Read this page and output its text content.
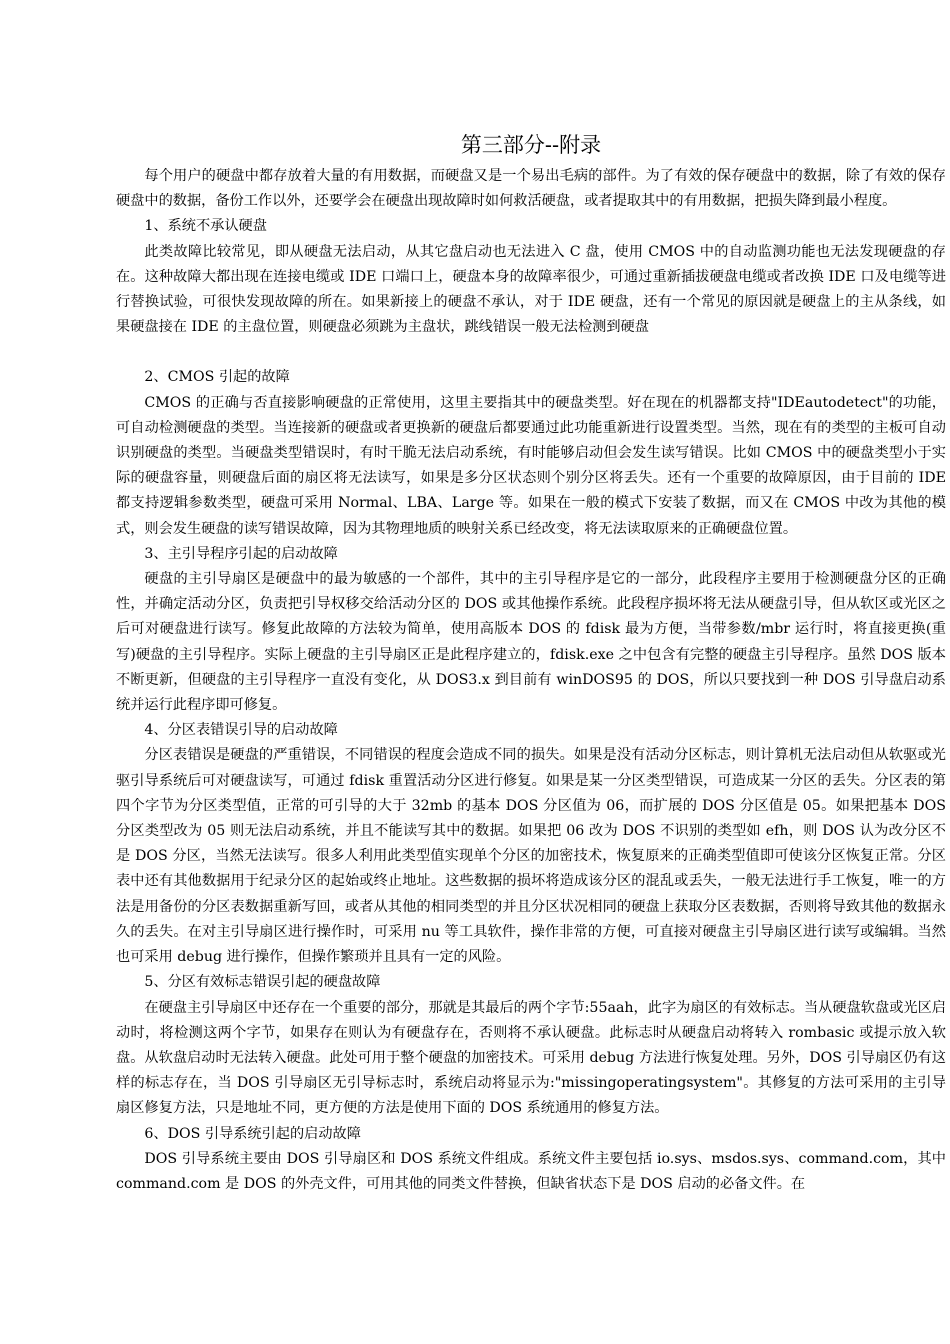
第三部分--附录

每个用户的硬盘中都存放着大量的有用数据，而硬盘又是一个易出毛病的部件。为了有效的保存硬盘中的数据，除了有效的保存硬盘中的数据，备份工作以外，还要学会在硬盘出现故障时如何救活硬盘，或者提取其中的有用数据，把损失降到最小程度。

1、系统不承认硬盘

此类故障比较常见，即从硬盘无法启动，从其它盘启动也无法进入 C 盘，使用 CMOS 中的自动监测功能也无法发现硬盘的存在。这种故障大都出现在连接电缆或 IDE 口端口上，硬盘本身的故障率很少，可通过重新插拔硬盘电缆或者改换 IDE 口及电缆等进行替换试验，可很快发现故障的所在。如果新接上的硬盘不承认，对于 IDE 硬盘，还有一个常见的原因就是硬盘上的主从条线，如果硬盘接在 IDE 的主盘位置，则硬盘必须跳为主盘状，跳线错误一般无法检测到硬盘

2、CMOS 引起的故障

CMOS 的正确与否直接影响硬盘的正常使用，这里主要指其中的硬盘类型。好在现在的机器都支持"IDEautodetect"的功能，可自动检测硬盘的类型。当连接新的硬盘或者更换新的硬盘后都要通过此功能重新进行设置类型。当然，现在有的类型的主板可自动识别硬盘的类型。当硬盘类型错误时，有时干脆无法启动系统，有时能够启动但会发生读写错误。比如 CMOS 中的硬盘类型小于实际的硬盘容量，则硬盘后面的扇区将无法读写，如果是多分区状态则个别分区将丢失。还有一个重要的故障原因，由于目前的 IDE 都支持逻辑参数类型，硬盘可采用 Normal、LBA、Large 等。如果在一般的模式下安装了数据，而又在 CMOS 中改为其他的模式，则会发生硬盘的读写错误故障，因为其物理地质的映射关系已经改变，将无法读取原来的正确硬盘位置。

3、主引导程序引起的启动故障

硬盘的主引导扇区是硬盘中的最为敏感的一个部件，其中的主引导程序是它的一部分，此段程序主要用于检测硬盘分区的正确性，并确定活动分区，负责把引导权移交给活动分区的 DOS 或其他操作系统。此段程序损坏将无法从硬盘引导，但从软区或光区之后可对硬盘进行读写。修复此故障的方法较为简单，使用高版本 DOS 的 fdisk 最为方便，当带参数/mbr 运行时，将直接更换(重写)硬盘的主引导程序。实际上硬盘的主引导扇区正是此程序建立的，fdisk.exe 之中包含有完整的硬盘主引导程序。虽然 DOS 版本不断更新，但硬盘的主引导程序一直没有变化，从 DOS3.x 到目前有 winDOS95 的 DOS，所以只要找到一种 DOS 引导盘启动系统并运行此程序即可修复。

4、分区表错误引导的启动故障

分区表错误是硬盘的严重错误，不同错误的程度会造成不同的损失。如果是没有活动分区标志，则计算机无法启动但从软驱或光驱引导系统后可对硬盘读写，可通过 fdisk 重置活动分区进行修复。如果是某一分区类型错误，可造成某一分区的丢失。分区表的第四个字节为分区类型值，正常的可引导的大于 32mb 的基本 DOS 分区值为 06，而扩展的 DOS 分区值是 05。如果把基本 DOS 分区类型改为 05 则无法启动系统，并且不能读写其中的数据。如果把 06 改为 DOS 不识别的类型如 efh，则 DOS 认为改分区不是 DOS 分区，当然无法读写。很多人利用此类型值实现单个分区的加密技术，恢复原来的正确类型值即可使该分区恢复正常。分区表中还有其他数据用于纪录分区的起始或终止地址。这些数据的损坏将造成该分区的混乱或丢失，一般无法进行手工恢复，唯一的方法是用备份的分区表数据重新写回，或者从其他的相同类型的并且分区状况相同的硬盘上获取分区表数据，否则将导致其他的数据永久的丢失。在对主引导扇区进行操作时，可采用 nu 等工具软件，操作非常的方便，可直接对硬盘主引导扇区进行读写或编辑。当然也可采用 debug 进行操作，但操作繁琐并且具有一定的风险。

5、分区有效标志错误引起的硬盘故障

在硬盘主引导扇区中还存在一个重要的部分，那就是其最后的两个字节:55aah，此字为扇区的有效标志。当从硬盘软盘或光区启动时，将检测这两个字节，如果存在则认为有硬盘存在，否则将不承认硬盘。此标志时从硬盘启动将转入 rombasic 或提示放入软盘。从软盘启动时无法转入硬盘。此处可用于整个硬盘的加密技术。可采用 debug 方法进行恢复处理。另外，DOS 引导扇区仍有这样的标志存在，当 DOS 引导扇区无引导标志时，系统启动将显示为:"missingoperatingsystem"。其修复的方法可采用的主引导扇区修复方法，只是地址不同，更方便的方法是使用下面的 DOS 系统通用的修复方法。

6、DOS 引导系统引起的启动故障

DOS 引导系统主要由 DOS 引导扇区和 DOS 系统文件组成。系统文件主要包括 io.sys、msdos.sys、command.com，其中 command.com 是 DOS 的外壳文件，可用其他的同类文件替换，但缺省状态下是 DOS 启动的必备文件。在
